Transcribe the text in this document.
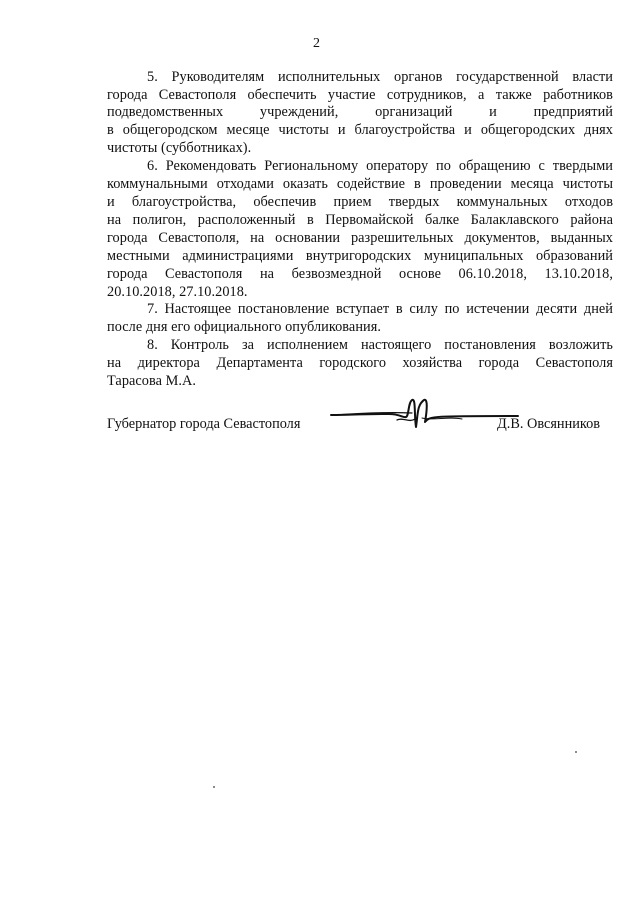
2
5. Руководителям исполнительных органов государственной власти
города Севастополя обеспечить участие сотрудников, а также работников
подведомственных учреждений, организаций и предприятий
в общегородском месяце чистоты и благоустройства и общегородских днях
чистоты (субботниках).
6. Рекомендовать Региональному оператору по обращению с твердыми
коммунальными отходами оказать содействие в проведении месяца чистоты
и благоустройства, обеспечив прием твердых коммунальных отходов
на полигон, расположенный в Первомайской балке Балаклавского района
города Севастополя, на основании разрешительных документов, выданных
местными администрациями внутригородских муниципальных образований
города Севастополя на безвозмездной основе 06.10.2018, 13.10.2018,
20.10.2018, 27.10.2018.
7. Настоящее постановление вступает в силу по истечении десяти дней
после дня его официального опубликования.
8. Контроль за исполнением настоящего постановления возложить
на директора Департамента городского хозяйства города Севастополя
Тарасова М.А.
Губернатор города Севастополя	Д.В. Овсянников
